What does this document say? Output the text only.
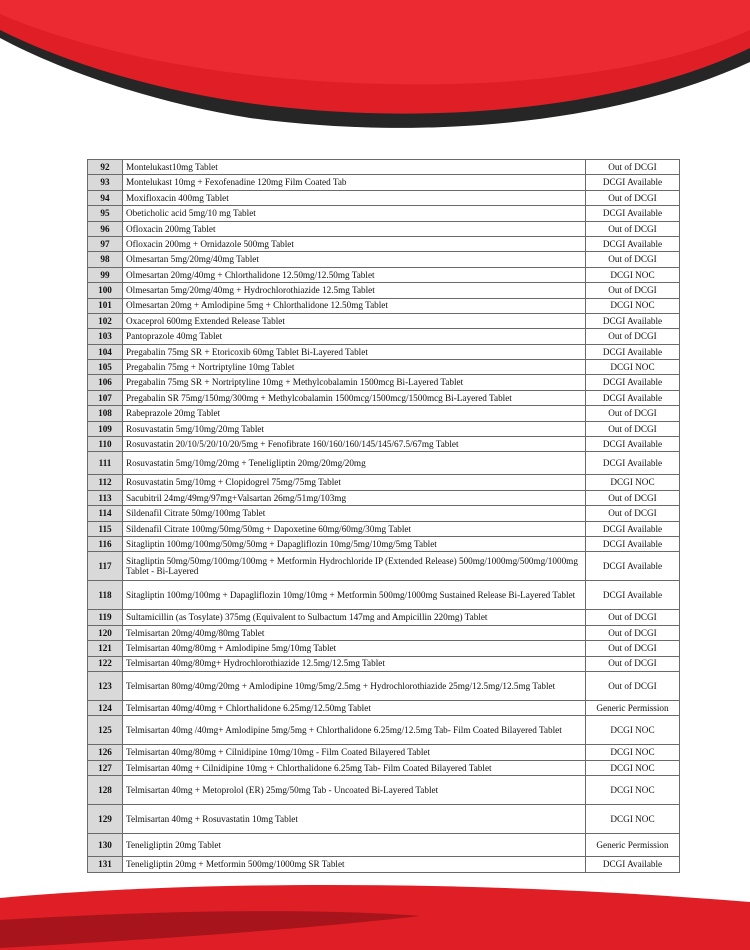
92	Montelukast10mg Tablet	Out of DCGI
93	Montelukast 10mg + Fexofenadine 120mg Film Coated Tab	DCGI Available
94	Moxifloxacin 400mg Tablet	Out of DCGI
95	Obeticholic acid 5mg/10 mg Tablet	DCGI Available
96	Ofloxacin 200mg Tablet	Out of DCGI
97	Ofloxacin 200mg + Ornidazole 500mg Tablet	DCGI Available
98	Olmesartan 5mg/20mg/40mg Tablet	Out of DCGI
99	Olmesartan 20mg/40mg + Chlorthalidone 12.50mg/12.50mg Tablet	DCGI NOC
100	Olmesartan 5mg/20mg/40mg + Hydrochlorothiazide 12.5mg Tablet	Out of DCGI
101	Olmesartan 20mg + Amlodipine 5mg + Chlorthalidone 12.50mg Tablet	DCGI NOC
102	Oxaceprol 600mg Extended Release Tablet	DCGI Available
103	Pantoprazole 40mg Tablet	Out of DCGI
104	Pregabalin 75mg SR + Etoricoxib 60mg Tablet Bi-Layered Tablet	DCGI Available
105	Pregabalin 75mg + Nortriptyline 10mg Tablet	DCGI NOC
106	Pregabalin 75mg SR + Nortriptyline 10mg + Methylcobalamin 1500mcg Bi-Layered Tablet	DCGI Available
107	Pregabalin SR 75mg/150mg/300mg + Methylcobalamin 1500mcg/1500mcg/1500mcg Bi-Layered Tablet	DCGI Available
108	Rabeprazole 20mg Tablet	Out of DCGI
109	Rosuvastatin 5mg/10mg/20mg Tablet	Out of DCGI
110	Rosuvastatin 20/10/5/20/10/20/5mg + Fenofibrate 160/160/160/145/145/67.5/67mg Tablet	DCGI Available
111	Rosuvastatin 5mg/10mg/20mg + Teneligliptin 20mg/20mg/20mg	DCGI Available
112	Rosuvastatin 5mg/10mg + Clopidogrel 75mg/75mg Tablet	DCGI NOC
113	Sacubitril 24mg/49mg/97mg+Valsartan 26mg/51mg/103mg	Out of DCGI
114	Sildenafil Citrate 50mg/100mg Tablet	Out of DCGI
115	Sildenafil Citrate 100mg/50mg/50mg + Dapoxetine 60mg/60mg/30mg Tablet	DCGI Available
116	Sitagliptin 100mg/100mg/50mg/50mg + Dapagliflozin 10mg/5mg/10mg/5mg Tablet	DCGI Available
117	Sitagliptin 50mg/50mg/100mg/100mg + Metformin Hydrochloride IP (Extended Release) 500mg/1000mg/500mg/1000mg Tablet - Bi-Layered	DCGI Available
118	Sitagliptin 100mg/100mg + Dapagliflozin 10mg/10mg + Metformin 500mg/1000mg Sustained Release Bi-Layered Tablet	DCGI Available
119	Sultamicillin (as Tosylate) 375mg (Equivalent to Sulbactum 147mg and Ampicillin 220mg) Tablet	Out of DCGI
120	Telmisartan 20mg/40mg/80mg Tablet	Out of DCGI
121	Telmisartan 40mg/80mg + Amlodipine 5mg/10mg Tablet	Out of DCGI
122	Telmisartan 40mg/80mg+ Hydrochlorothiazide 12.5mg/12.5mg Tablet	Out of DCGI
123	Telmisartan 80mg/40mg/20mg + Amlodipine 10mg/5mg/2.5mg + Hydrochlorothiazide 25mg/12.5mg/12.5mg Tablet	Out of DCGI
124	Telmisartan 40mg/40mg + Chlorthalidone 6.25mg/12.50mg Tablet	Generic Permission
125	Telmisartan 40mg /40mg+ Amlodipine 5mg/5mg + Chlorthalidone 6.25mg/12.5mg Tab- Film Coated Bilayered Tablet	DCGI NOC
126	Telmisartan 40mg/80mg + Cilnidipine 10mg/10mg - Film Coated Bilayered Tablet	DCGI NOC
127	Telmisartan 40mg + Cilnidipine 10mg + Chlorthalidone 6.25mg Tab- Film Coated Bilayered Tablet	DCGI NOC
128	Telmisartan 40mg + Metoprolol (ER) 25mg/50mg Tab - Uncoated Bi-Layered Tablet	DCGI NOC
129	Telmisartan 40mg + Rosuvastatin 10mg Tablet	DCGI NOC
130	Teneligliptin 20mg Tablet	Generic Permission
131	Teneligliptin 20mg + Metformin 500mg/1000mg SR Tablet	DCGI Available
